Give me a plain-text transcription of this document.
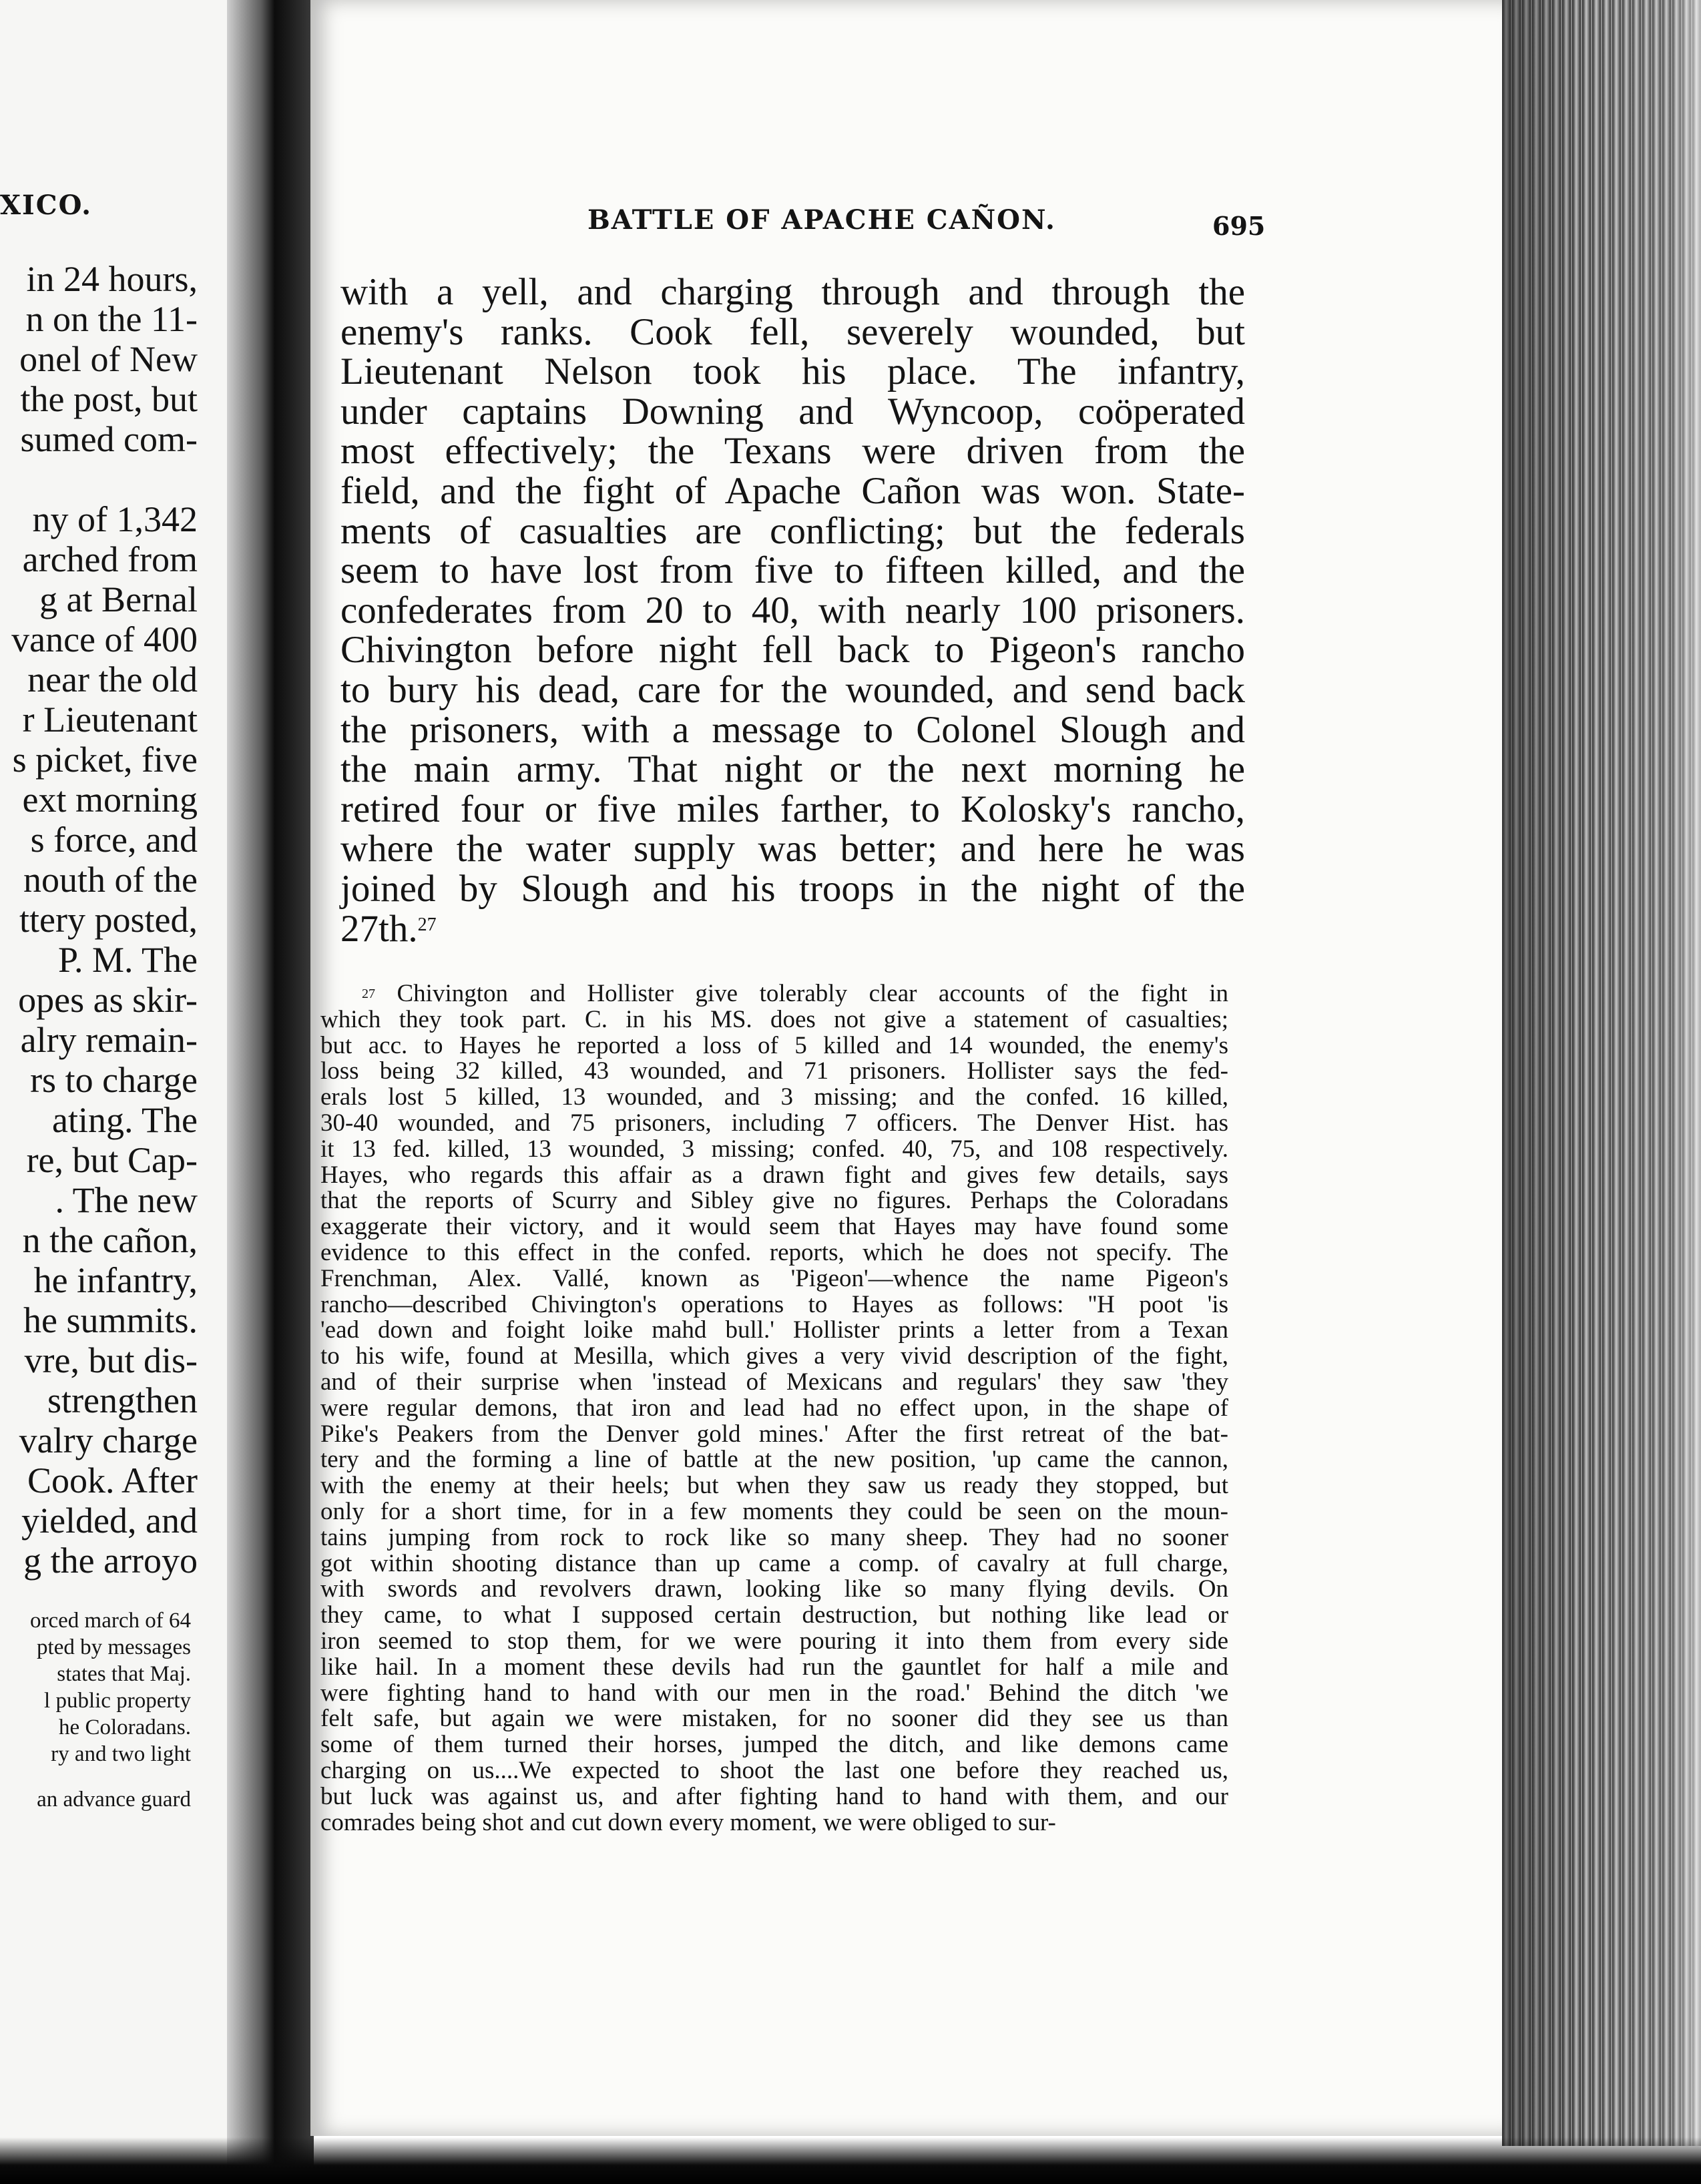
XICO.
in 24 hours,
n on the 11-
onel of New
the post, but
sumed com-
ny of 1,342
arched from
g at Bernal
vance of 400
near the old
r Lieutenant
s picket, five
ext morning
s force, and
nouth of the
ttery posted,
P. M. The
opes as skir-
alry remain-
rs to charge
ating. The
re, but Cap-
. The new
n the cañon,
he infantry,
he summits.
vre, but dis-
strengthen
valry charge
Cook. After
yielded, and
g the arroyo
orced march of 64
pted by messages
states that Maj.
l public property
he Coloradans.
ry and two light
an advance guard
BATTLE OF APACHE CAÑON.	695
with a yell, and charging through and through the
enemy's ranks. Cook fell, severely wounded, but
Lieutenant Nelson took his place. The infantry,
under captains Downing and Wyncoop, coöperated
most effectively; the Texans were driven from the
field, and the fight of Apache Cañon was won. State-
ments of casualties are conflicting; but the federals
seem to have lost from five to fifteen killed, and the
confederates from 20 to 40, with nearly 100 prisoners.
Chivington before night fell back to Pigeon's rancho
to bury his dead, care for the wounded, and send back
the prisoners, with a message to Colonel Slough and
the main army. That night or the next morning he
retired four or five miles farther, to Kolosky's rancho,
where the water supply was better; and here he was
joined by Slough and his troops in the night of the
27th.$^{27}$
$^{27}$ Chivington and Hollister give tolerably clear accounts of the fight in
which they took part. C. in his MS. does not give a statement of casualties;
but acc. to Hayes he reported a loss of 5 killed and 14 wounded, the enemy's
loss being 32 killed, 43 wounded, and 71 prisoners. Hollister says the fed-
erals lost 5 killed, 13 wounded, and 3 missing; and the confed. 16 killed,
30-40 wounded, and 75 prisoners, including 7 officers. The Denver Hist. has
it 13 fed. killed, 13 wounded, 3 missing; confed. 40, 75, and 108 respectively.
Hayes, who regards this affair as a drawn fight and gives few details, says
that the reports of Scurry and Sibley give no figures. Perhaps the Coloradans
exaggerate their victory, and it would seem that Hayes may have found some
evidence to this effect in the confed. reports, which he does not specify. The
Frenchman, Alex. Vallé, known as 'Pigeon'—whence the name Pigeon's
rancho—described Chivington's operations to Hayes as follows: ''H poot 'is
'ead down and foight loike mahd bull.' Hollister prints a letter from a Texan
to his wife, found at Mesilla, which gives a very vivid description of the fight,
and of their surprise when 'instead of Mexicans and regulars' they saw 'they
were regular demons, that iron and lead had no effect upon, in the shape of
Pike's Peakers from the Denver gold mines.' After the first retreat of the bat-
tery and the forming a line of battle at the new position, 'up came the cannon,
with the enemy at their heels; but when they saw us ready they stopped, but
only for a short time, for in a few moments they could be seen on the moun-
tains jumping from rock to rock like so many sheep. They had no sooner
got within shooting distance than up came a comp. of cavalry at full charge,
with swords and revolvers drawn, looking like so many flying devils. On
they came, to what I supposed certain destruction, but nothing like lead or
iron seemed to stop them, for we were pouring it into them from every side
like hail. In a moment these devils had run the gauntlet for half a mile and
were fighting hand to hand with our men in the road.' Behind the ditch 'we
felt safe, but again we were mistaken, for no sooner did they see us than
some of them turned their horses, jumped the ditch, and like demons came
charging on us....We expected to shoot the last one before they reached us,
but luck was against us, and after fighting hand to hand with them, and our
comrades being shot and cut down every moment, we were obliged to sur-
